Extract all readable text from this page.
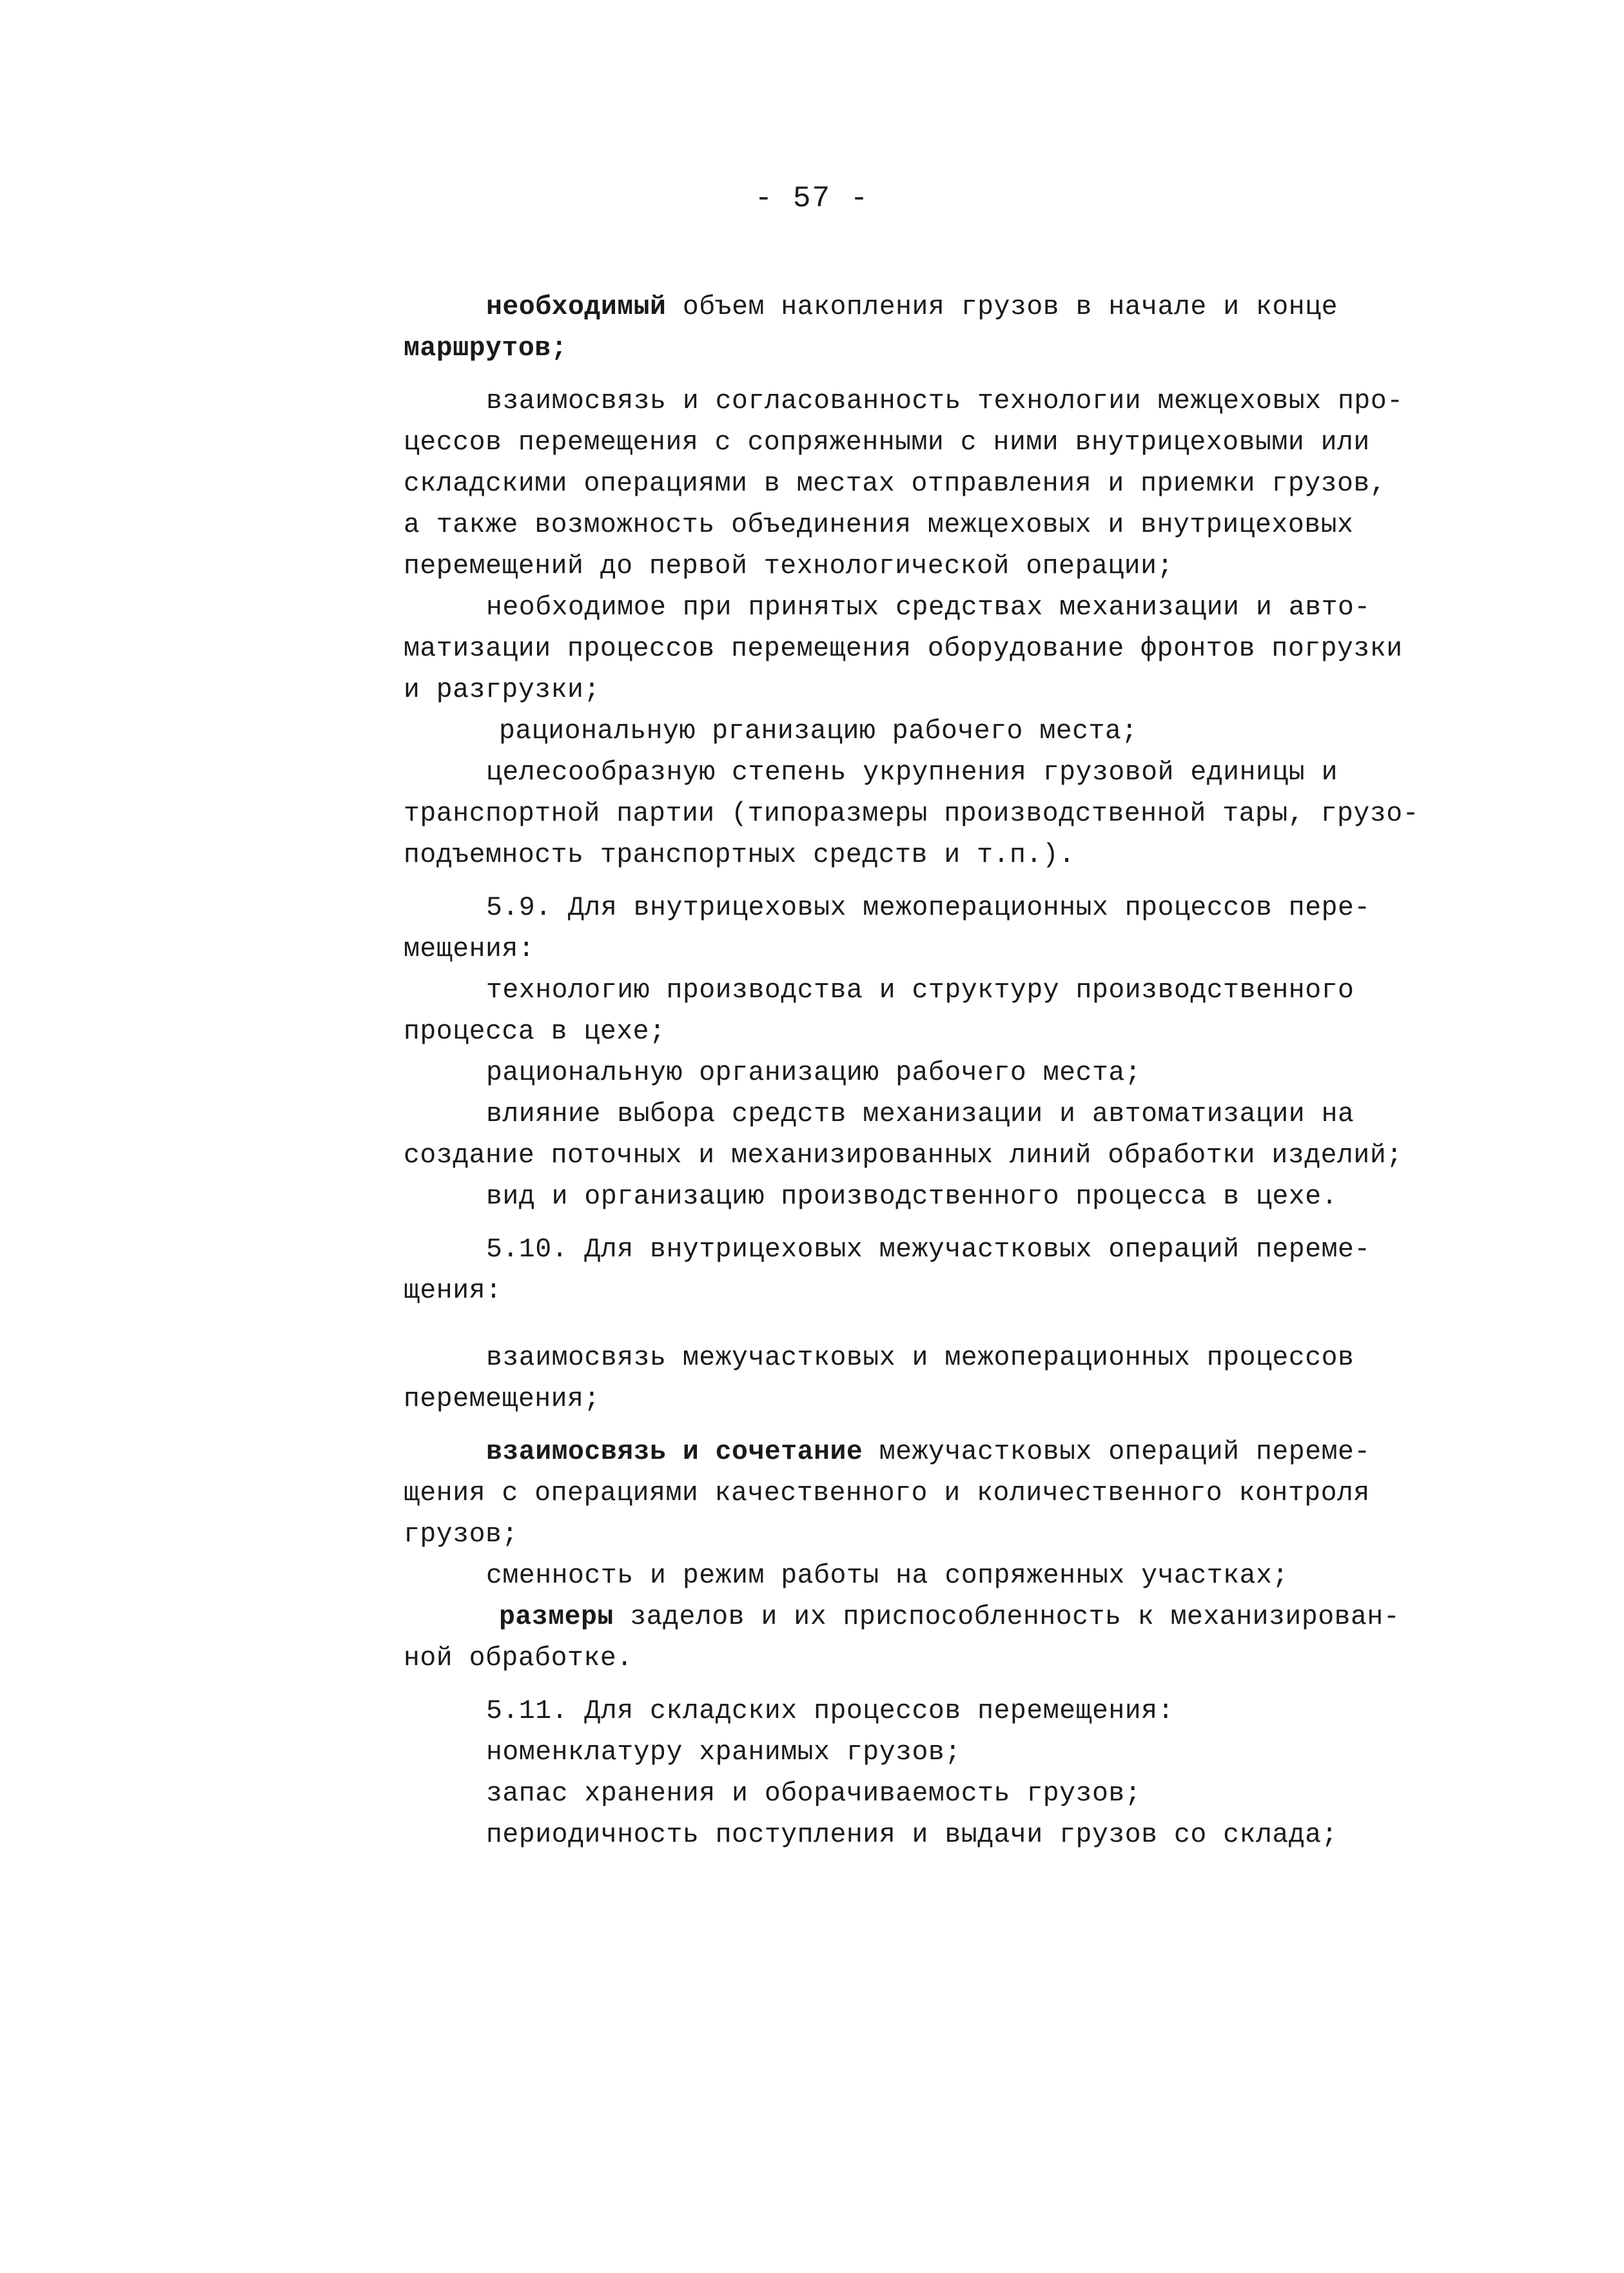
- 57 -
необходимый объем накопления грузов в начале и конце
маршрутов;
взаимосвязь и согласованность технологии межцеховых про-
цессов перемещения с сопряженными с ними внутрицеховыми или
складскими операциями в местах отправления и приемки грузов,
а также возможность объединения межцеховых и внутрицеховых
перемещений до первой технологической операции;
необходимое при принятых средствах механизации и авто-
матизации процессов перемещения оборудование фронтов погрузки
и разгрузки;
рациональную рганизацию рабочего места;
целесообразную степень укрупнения грузовой единицы и
транспортной партии (типоразмеры производственной тары, грузо-
подъемность транспортных средств и т.п.).
5.9. Для внутрицеховых межоперационных процессов пере-
мещения:
технологию производства и структуру производственного
процесса в цехе;
рациональную организацию рабочего места;
влияние выбора средств механизации и автоматизации на
создание поточных и механизированных линий обработки изделий;
вид и организацию производственного процесса в цехе.
5.10. Для внутрицеховых межучастковых операций переме-
щения:
взаимосвязь межучастковых и межоперационных процессов
перемещения;
взаимосвязь и сочетание межучастковых операций переме-
щения с операциями качественного и количественного контроля
грузов;
сменность и режим работы на сопряженных участках;
размеры заделов и их приспособленность к механизирован-
ной обработке.
5.11. Для складских процессов перемещения:
номенклатуру хранимых грузов;
запас хранения и оборачиваемость грузов;
периодичность поступления и выдачи грузов со склада;
